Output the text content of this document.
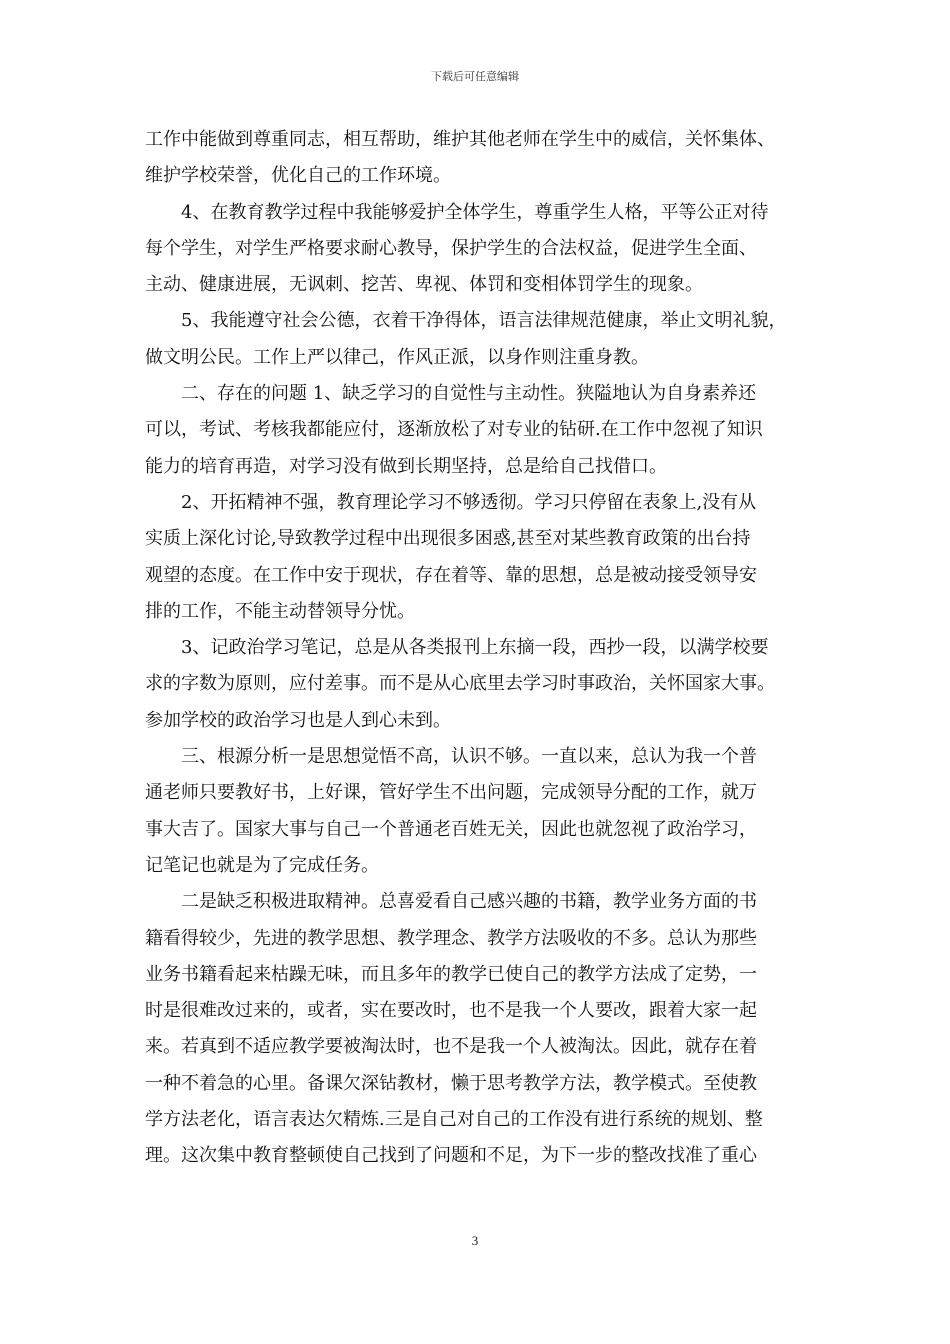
下载后可任意编辑

工作中能做到尊重同志，相互帮助，维护其他老师在学生中的威信，关怀集体、

维护学校荣誉，优化自己的工作环境。

　　4、在教育教学过程中我能够爱护全体学生，尊重学生人格，平等公正对待

每个学生，对学生严格要求耐心教导，保护学生的合法权益，促进学生全面、

主动、健康进展，无讽刺、挖苦、卑视、体罚和变相体罚学生的现象。

　　5、我能遵守社会公德，衣着干净得体，语言法律规范健康，举止文明礼貌，

做文明公民。工作上严以律己，作风正派，以身作则注重身教。

　　二、存在的问题 1、缺乏学习的自觉性与主动性。狭隘地认为自身素养还

可以，考试、考核我都能应付，逐渐放松了对专业的钻研.在工作中忽视了知识

能力的培育再造，对学习没有做到长期坚持，总是给自己找借口。

　　2、开拓精神不强，教育理论学习不够透彻。学习只停留在表象上,没有从

实质上深化讨论,导致教学过程中出现很多困惑,甚至对某些教育政策的出台持

观望的态度。在工作中安于现状，存在着等、靠的思想，总是被动接受领导安

排的工作，不能主动替领导分忧。

　　3、记政治学习笔记，总是从各类报刊上东摘一段，西抄一段，以满学校要

求的字数为原则，应付差事。而不是从心底里去学习时事政治，关怀国家大事。

参加学校的政治学习也是人到心未到。

　　三、根源分析一是思想觉悟不高，认识不够。一直以来，总认为我一个普

通老师只要教好书，上好课，管好学生不出问题，完成领导分配的工作，就万

事大吉了。国家大事与自己一个普通老百姓无关，因此也就忽视了政治学习，

记笔记也就是为了完成任务。

　　二是缺乏积极进取精神。总喜爱看自己感兴趣的书籍，教学业务方面的书

籍看得较少，先进的教学思想、教学理念、教学方法吸收的不多。总认为那些

业务书籍看起来枯躁无味，而且多年的教学已使自己的教学方法成了定势，一

时是很难改过来的，或者，实在要改时，也不是我一个人要改，跟着大家一起

来。若真到不适应教学要被淘汰时，也不是我一个人被淘汰。因此，就存在着

一种不着急的心里。备课欠深钻教材，懒于思考教学方法，教学模式。至使教

学方法老化，语言表达欠精炼.三是自己对自己的工作没有进行系统的规划、整

理。这次集中教育整顿使自己找到了问题和不足，为下一步的整改找准了重心

3
